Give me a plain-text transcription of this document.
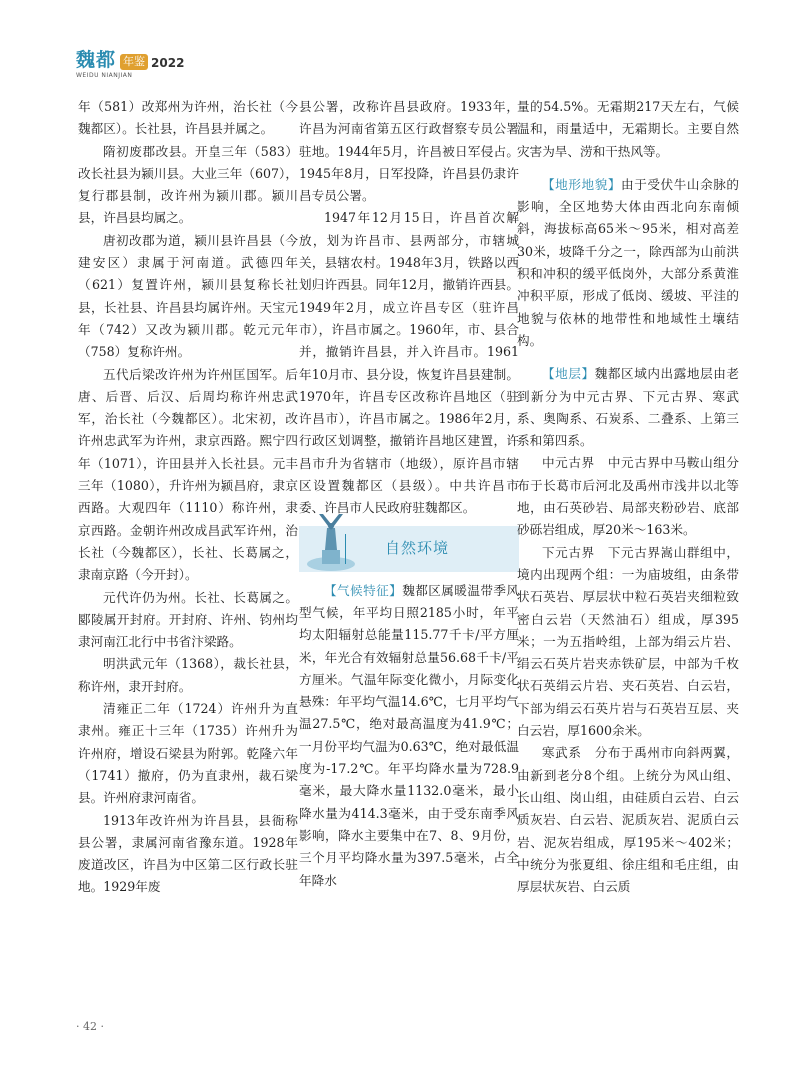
魏都 年鉴 2022
WEIDU NIANJIAN

年（581）改郑州为许州，治长社（今魏都区）。长社县，许昌县并属之。

隋初废郡改县。开皇三年（583）改长社县为颍川县。大业三年（607），复行郡县制，改许州为颍川郡。颍川县，许昌县均属之。

唐初改郡为道，颍川县许昌县（今建安区）隶属于河南道。武德四年（621）复置许州，颍川县复称长社县，长社县、许昌县均属许州。天宝元年（742）又改为颍川郡。乾元元年（758）复称许州。

五代后梁改许州为许州匡国军。后唐、后晋、后汉、后周均称许州忠武军，治长社（今魏都区）。北宋初，改许州忠武军为许州，隶京西路。熙宁四年（1071），许田县并入长社县。元丰三年（1080），升许州为颍昌府，隶京西路。大观四年（1110）称许州，隶京西路。金朝许州改成昌武军许州，治长社（今魏都区），长社、长葛属之，隶南京路（今开封）。

元代许仍为州。长社、长葛属之。郾陵属开封府。开封府、许州、钧州均隶河南江北行中书省汴梁路。

明洪武元年（1368），裁长社县，称许州，隶开封府。

清雍正二年（1724）许州升为直隶州。雍正十三年（1735）许州升为许州府，增设石梁县为附郭。乾隆六年（1741）撤府，仍为直隶州，裁石梁县。许州府隶河南省。

1913年改许州为许昌县，县衙称县公署，隶属河南省豫东道。1928年废道改区，许昌为中区第二区行政长驻地。1929年废

县公署，改称许昌县政府。1933年，许昌为河南省第五区行政督察专员公署驻地。1944年5月，许昌被日军侵占。1945年8月，日军投降，许昌县仍隶许昌专员公署。

1947年12月15日，许昌首次解放，划为许昌市、县两部分，市辖城关，县辖农村。1948年3月，铁路以西划归许西县。同年12月，撤销许西县。1949年2月，成立许昌专区（驻许昌市），许昌市属之。1960年，市、县合并，撤销许昌县，并入许昌市。1961年10月市、县分设，恢复许昌县建制。1970年，许昌专区改称许昌地区（驻许昌市），许昌市属之。1986年2月，行政区划调整，撤销许昌地区建置，许昌市升为省辖市（地级），原许昌市辖区设置魏都区（县级）。中共许昌市委、许昌市人民政府驻魏都区。

自然环境

【气候特征】魏都区属暖温带季风型气候，年平均日照2185小时，年平均太阳辐射总能量115.77千卡/平方厘米，年光合有效辐射总量56.68千卡/平方厘米。气温年际变化微小，月际变化悬殊：年平均气温14.6℃，七月平均气温27.5℃，绝对最高温度为41.9℃；一月份平均气温为0.63℃，绝对最低温度为-17.2℃。年平均降水量为728.9毫米，最大降水量1132.0毫米，最小降水量为414.3毫米，由于受东南季风影响，降水主要集中在7、8、9月份，三个月平均降水量为397.5毫米，占全年降水

量的54.5%。无霜期217天左右，气候温和，雨量适中，无霜期长。主要自然灾害为旱、涝和干热风等。

【地形地貌】由于受伏牛山余脉的影响，全区地势大体由西北向东南倾斜，海拔标高65米～95米，相对高差30米，坡降千分之一，除西部为山前洪积和冲积的缓平低岗外，大部分系黄淮冲积平原，形成了低岗、缓坡、平洼的地貌与依林的地带性和地域性土壤结构。

【地层】魏都区域内出露地层由老到新分为中元古界、下元古界、寒武系、奥陶系、石炭系、二叠系、上第三系和第四系。

中元古界　中元古界中马鞍山组分布于长葛市后河北及禹州市浅井以北等地，由石英砂岩、局部夹粉砂岩、底部砂砾岩组成，厚20米～163米。

下元古界　下元古界嵩山群组中，境内出现两个组：一为庙坡组，由条带状石英岩、厚层状中粒石英岩夹细粒致密白云岩（天然油石）组成，厚395米；一为五指岭组，上部为绢云片岩、绢云石英片岩夹赤铁矿层，中部为千枚状石英绢云片岩、夹石英岩、白云岩，下部为绢云石英片岩与石英岩互层、夹白云岩，厚1600余米。

寒武系　分布于禹州市向斜两翼，由新到老分8个组。上统分为风山组、长山组、岗山组，由硅质白云岩、白云质灰岩、白云岩、泥质灰岩、泥质白云岩、泥灰岩组成，厚195米～402米；中统分为张夏组、徐庄组和毛庄组，由厚层状灰岩、白云质

· 42 ·
